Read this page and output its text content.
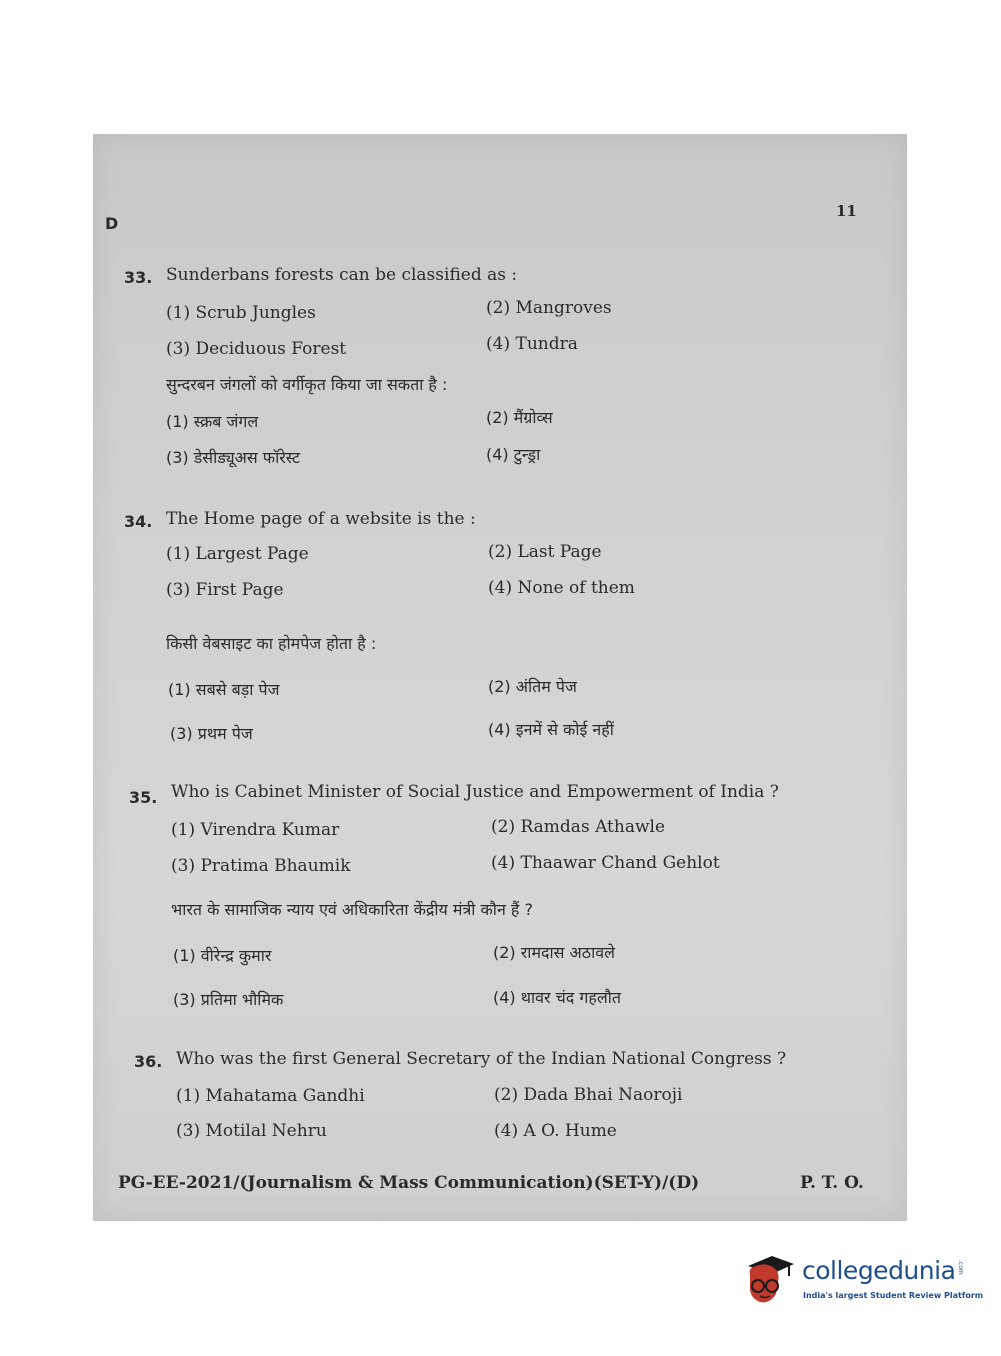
D
11
33. Sunderbans forests can be classified as :
(1) Scrub Jungles	(2) Mangroves
(3) Deciduous Forest	(4) Tundra
सुन्दरबन जंगलों को वर्गीकृत किया जा सकता है :
(1) स्क्रब जंगल	(2) मैंग्रोव्स
(3) डेसीड्यूअस फॉरेस्ट	(4) टुन्ड्रा
34. The Home page of a website is the :
(1) Largest Page	(2) Last Page
(3) First Page	(4) None of them
किसी वेबसाइट का होमपेज होता है :
(1) सबसे बड़ा पेज	(2) अंतिम पेज
(3) प्रथम पेज	(4) इनमें से कोई नहीं
35. Who is Cabinet Minister of Social Justice and Empowerment of India ?
(1) Virendra Kumar	(2) Ramdas Athawle
(3) Pratima Bhaumik	(4) Thaawar Chand Gehlot
भारत के सामाजिक न्याय एवं अधिकारिता केंद्रीय मंत्री कौन हैं ?
(1) वीरेन्द्र कुमार	(2) रामदास अठावले
(3) प्रतिमा भौमिक	(4) थावर चंद गहलौत
36. Who was the first General Secretary of the Indian National Congress ?
(1) Mahatama Gandhi	(2) Dada Bhai Naoroji
(3) Motilal Nehru	(4) A O. Hume
PG-EE-2021/(Journalism & Mass Communication)(SET-Y)/(D)	P. T. O.
collegedunia .com
India's largest Student Review Platform
